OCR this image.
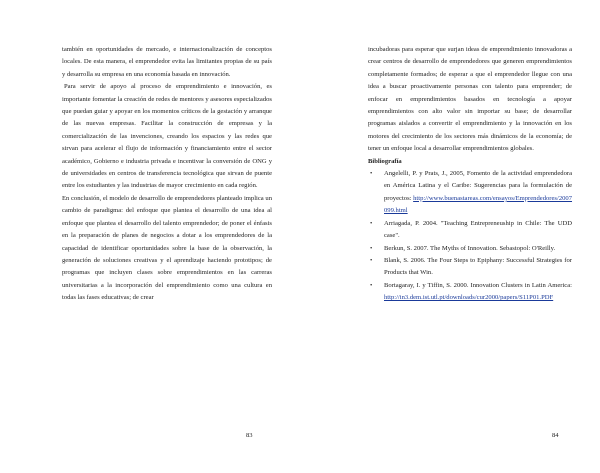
también en oportunidades de mercado, e internacionalización de conceptos locales. De esta manera, el emprendedor evita las limitantes propias de su país y desarrolla su empresa en una economía basada en innovación.

Para servir de apoyo al proceso de emprendimiento e innovación, es importante fomentar la creación de redes de mentores y asesores especializados que puedan guiar y apoyar en los momentos críticos de la gestación y arranque de las nuevas empresas. Facilitar la construcción de empresas y la comercialización de las invenciones, creando los espacios y las redes que sirvan para acelerar el flujo de información y financiamiento entre el sector académico, Gobierno e industria privada e incentivar la conversión de ONG y de universidades en centros de transferencia tecnológica que sirvan de puente entre los estudiantes y las industrias de mayor crecimiento en cada región.

En conclusión, el modelo de desarrollo de emprendedores planteado implica un cambio de paradigma: del enfoque que plantea el desarrollo de una idea al enfoque que plantea el desarrollo del talento emprendedor; de poner el énfasis en la preparación de planes de negocios a dotar a los emprendedores de la capacidad de identificar oportunidades sobre la base de la observación, la generación de soluciones creativas y el aprendizaje haciendo prototipos; de programas que incluyen clases sobre emprendimientos en las carreras universitarias a la incorporación del emprendimiento como una cultura en todas las fases educativas; de crear

83

incubadoras para esperar que surjan ideas de emprendimiento innovadoras a crear centros de desarrollo de emprendedores que generen emprendimientos completamente formados; de esperar a que el emprendedor llegue con una idea a buscar proactivamente personas con talento para emprender; de enfocar en emprendimientos basados en tecnología a apoyar emprendimientos con alto valor sin importar su base; de desarrollar programas aislados a convertir el emprendimiento y la innovación en los motores del crecimiento de los sectores más dinámicos de la economía; de tener un enfoque local a desarrollar emprendimientos globales.

Bibliografía

• Angelelli, P. y Prats, J., 2005, Fomento de la actividad emprendedora en América Latina y el Caribe: Sugerencias para la formulación de proyectos: http://www.buenastareas.com/ensayos/Emprendedores/2007099.html
• Arriagada, P. 2004. "Teaching Entrepreneuship in Chile: The UDD case".
• Berkun, S. 2007. The Myths of Innovation. Sebastopol: O'Reilly.
• Blank, S. 2006. The Four Steps to Epiphany: Successful Strategies for Products that Win.
• Bortagaray, I. y Tiffin, S. 2000. Innovation Clusters in Latin America: http://in3.dem.ist.utl.pt/downloads/cur2000/papers/S11P01.PDF
84
